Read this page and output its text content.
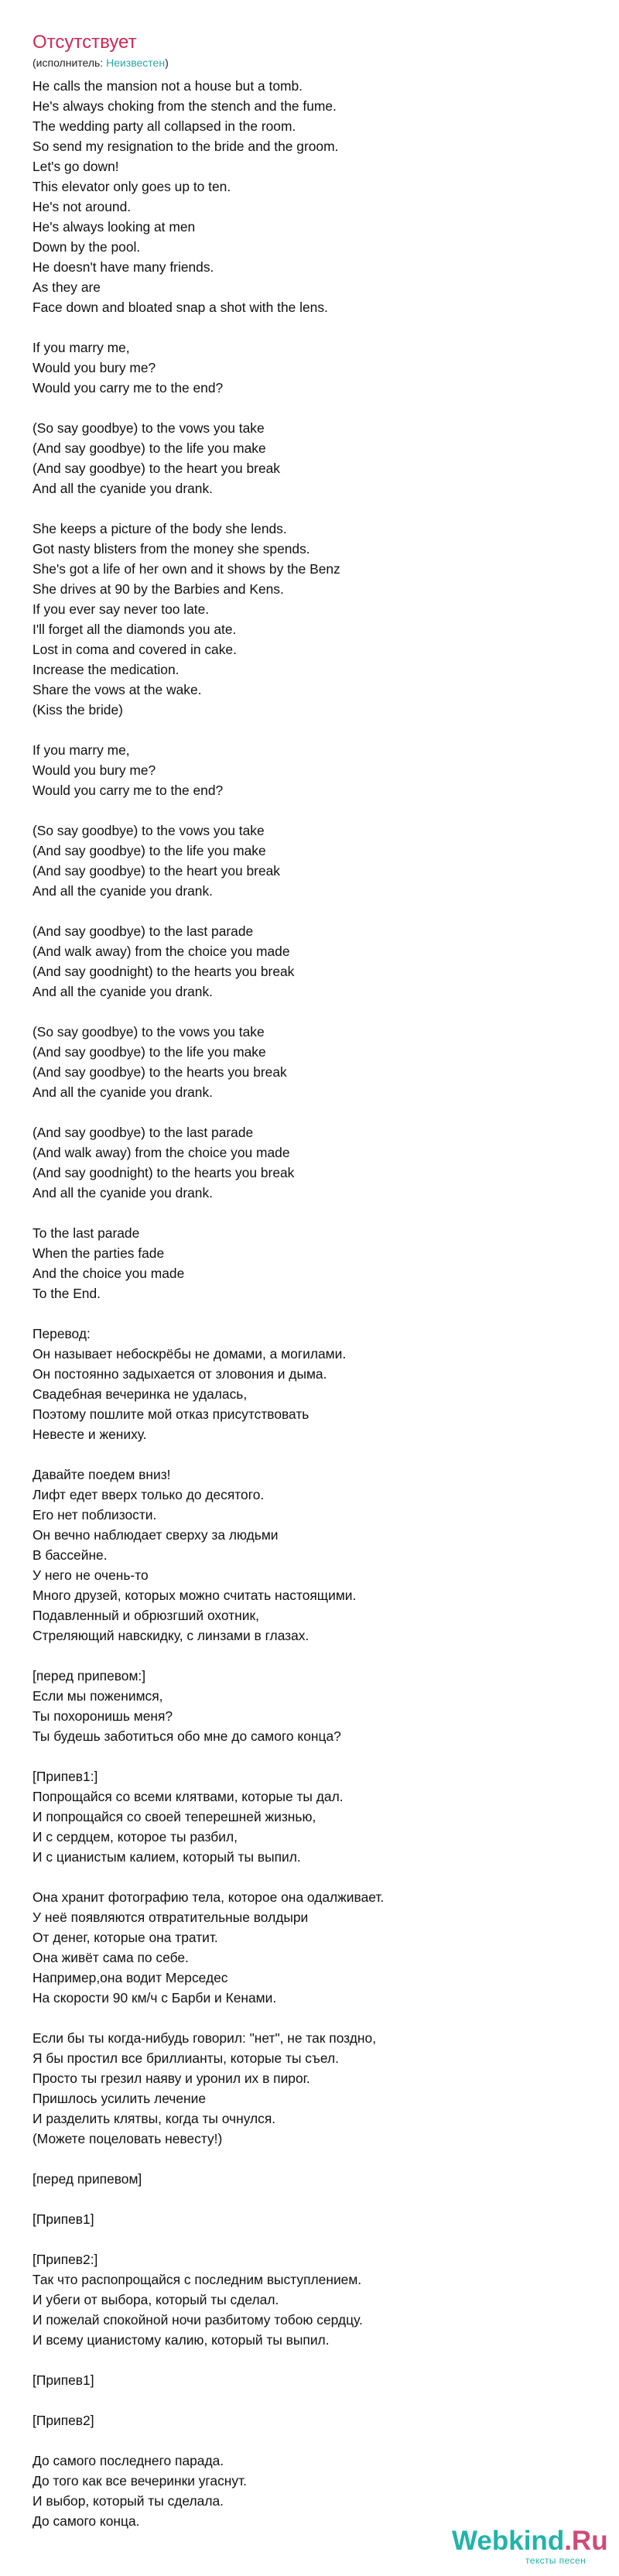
Отсутствует
(исполнитель: Неизвестен)
He calls the mansion not a house but a tomb.
He's always choking from the stench and the fume.
The wedding party all collapsed in the room.
So send my resignation to the bride and the groom.
Let's go down!
This elevator only goes up to ten.
He's not around.
He's always looking at men
Down by the pool.
He doesn't have many friends.
As they are
Face down and bloated snap a shot with the lens.
If you marry me,
Would you bury me?
Would you carry me to the end?
(So say goodbye) to the vows you take
(And say goodbye) to the life you make
(And say goodbye) to the heart you break
And all the cyanide you drank.
She keeps a picture of the body she lends.
Got nasty blisters from the money she spends.
She's got a life of her own and it shows by the Benz
She drives at 90 by the Barbies and Kens.
If you ever say never too late.
I'll forget all the diamonds you ate.
Lost in coma and covered in cake.
Increase the medication.
Share the vows at the wake.
(Kiss the bride)
If you marry me,
Would you bury me?
Would you carry me to the end?
(So say goodbye) to the vows you take
(And say goodbye) to the life you make
(And say goodbye) to the heart you break
And all the cyanide you drank.
(And say goodbye) to the last parade
(And walk away) from the choice you made
(And say goodnight) to the hearts you break
And all the cyanide you drank.
(So say goodbye) to the vows you take
(And say goodbye) to the life you make
(And say goodbye) to the hearts you break
And all the cyanide you drank.
(And say goodbye) to the last parade
(And walk away) from the choice you made
(And say goodnight) to the hearts you break
And all the cyanide you drank.
To the last parade
When the parties fade
And the choice you made
To the End.
Перевод:
Он называет небоскрёбы не домами, а могилами.
Он постоянно задыхается от зловония и дыма.
Свадебная вечеринка не удалась,
Поэтому пошлите мой отказ присутствовать
Невесте и жениху.
Давайте поедем вниз!
Лифт едет вверх только до десятого.
Его нет поблизости.
Он вечно наблюдает сверху за людьми
В бассейне.
У него не очень-то
Много друзей, которых можно считать настоящими.
Подавленный и обрюзгший охотник,
Стреляющий навскидку, с линзами в глазах.
[перед припевом:]
Если мы поженимся,
Ты похоронишь меня?
Ты будешь заботиться обо мне до самого конца?
[Припев1:]
Попрощайся со всеми клятвами, которые ты дал.
И попрощайся со своей теперешней жизнью,
И с сердцем, которое ты разбил,
И с цианистым калием, который ты выпил.
Она хранит фотографию тела, которое она одалживает.
У неё появляются отвратительные волдыри
От денег, которые она тратит.
Она живёт сама по себе.
Например,она водит Мерседес
На скорости 90 км/ч с Барби и Кенами.
Если бы ты когда-нибудь говорил: "нет", не так поздно,
Я бы простил все бриллианты, которые ты съел.
Просто ты грезил наяву и уронил их в пирог.
Пришлось усилить лечение
И разделить клятвы, когда ты очнулся.
(Можете поцеловать невесту!)
[перед припевом]
[Припев1]
[Припев2:]
Так что распопрощайся с последним выступлением.
И убеги от выбора, который ты сделал.
И пожелай спокойной ночи разбитому тобою сердцу.
И всему цианистому калию, который ты выпил.
[Припев1]
[Припев2]
До самого последнего парада.
До того как все вечеринки угаснут.
И выбор, который ты сделала.
До самого конца.
Webkind.Ru
тексты песен
